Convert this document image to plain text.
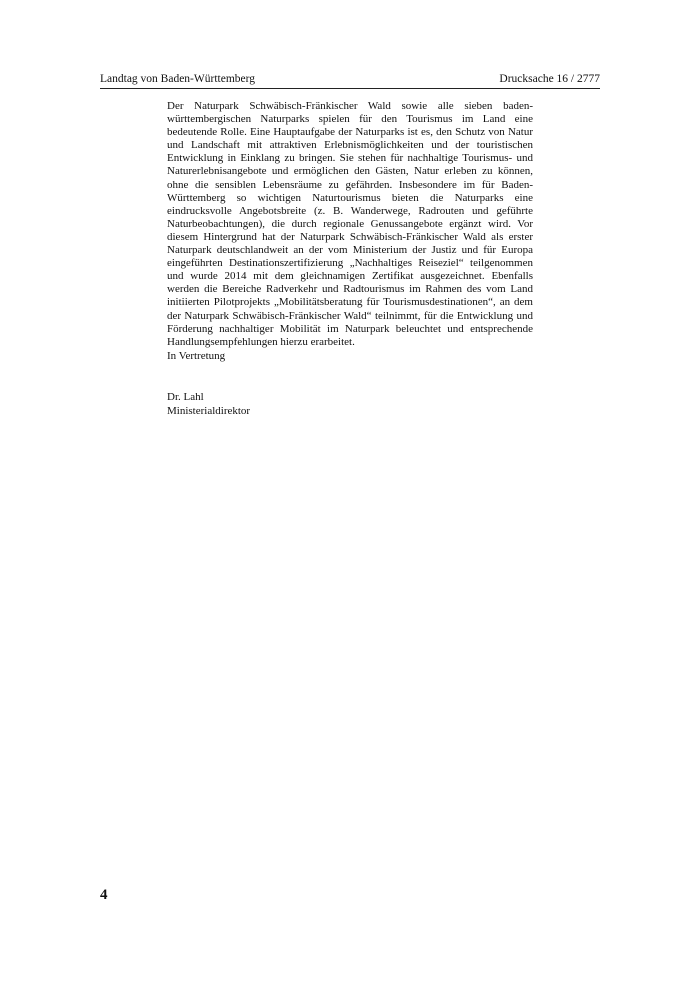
Landtag von Baden-Württemberg	Drucksache 16 / 2777

Der Naturpark Schwäbisch-Fränkischer Wald sowie alle sieben baden-württembergischen Naturparks spielen für den Tourismus im Land eine bedeutende Rolle. Eine Hauptaufgabe der Naturparks ist es, den Schutz von Natur und Landschaft mit attraktiven Erlebnismöglichkeiten und der touristischen Entwicklung in Einklang zu bringen. Sie stehen für nachhaltige Tourismus- und Naturerlebnisangebote und ermöglichen den Gästen, Natur erleben zu können, ohne die sensiblen Lebensräume zu gefährden. Insbesondere im für Baden-Württemberg so wichtigen Naturtourismus bieten die Naturparks eine eindrucksvolle Angebotsbreite (z. B. Wanderwege, Radrouten und geführte Naturbeobachtungen), die durch regionale Genussangebote ergänzt wird. Vor diesem Hintergrund hat der Naturpark Schwäbisch-Fränkischer Wald als erster Naturpark deutschlandweit an der vom Ministerium der Justiz und für Europa eingeführten Destinationszertifizierung „Nachhaltiges Reiseziel“ teilgenommen und wurde 2014 mit dem gleichnamigen Zertifikat ausgezeichnet. Ebenfalls werden die Bereiche Radverkehr und Radtourismus im Rahmen des vom Land initiierten Pilotprojekts „Mobilitätsberatung für Tourismusdestinationen“, an dem der Naturpark Schwäbisch-Fränkischer Wald“ teilnimmt, für die Entwicklung und Förderung nachhaltiger Mobilität im Naturpark beleuchtet und entsprechende Handlungsempfehlungen hierzu erarbeitet.

In Vertretung

Dr. Lahl

Ministerialdirektor

4
